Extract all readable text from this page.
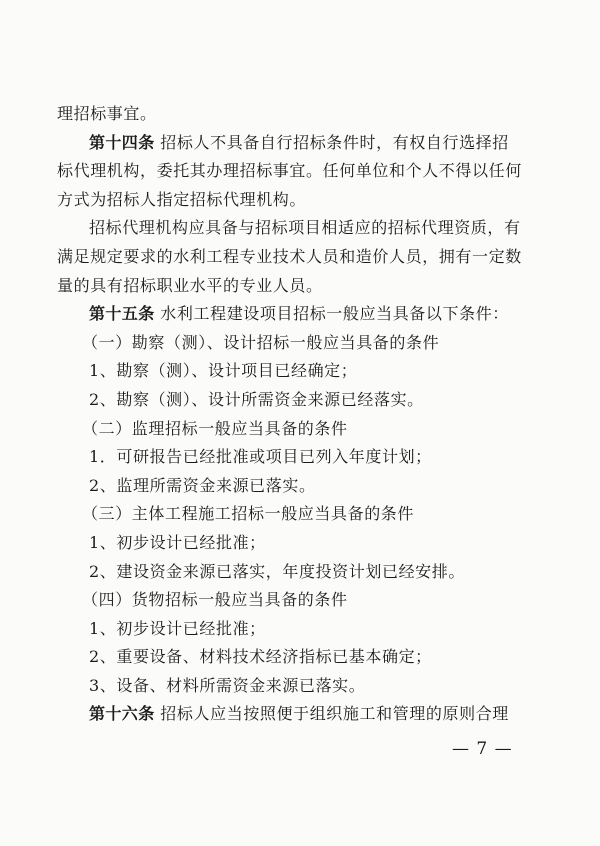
理招标事宜。
第十四条 招标人不具备自行招标条件时，有权自行选择招
标代理机构，委托其办理招标事宜。任何单位和个人不得以任何
方式为招标人指定招标代理机构。
招标代理机构应具备与招标项目相适应的招标代理资质，有
满足规定要求的水利工程专业技术人员和造价人员，拥有一定数
量的具有招标职业水平的专业人员。
第十五条 水利工程建设项目招标一般应当具备以下条件：
（一）勘察（测）、设计招标一般应当具备的条件
1、勘察（测）、设计项目已经确定；
2、勘察（测）、设计所需资金来源已经落实。
（二）监理招标一般应当具备的条件
1．可研报告已经批准或项目已列入年度计划；
2、监理所需资金来源已落实。
（三）主体工程施工招标一般应当具备的条件
1、初步设计已经批准；
2、建设资金来源已落实，年度投资计划已经安排。
（四）货物招标一般应当具备的条件
1、初步设计已经批准；
2、重要设备、材料技术经济指标已基本确定；
3、设备、材料所需资金来源已落实。
第十六条 招标人应当按照便于组织施工和管理的原则合理
— 7 —
